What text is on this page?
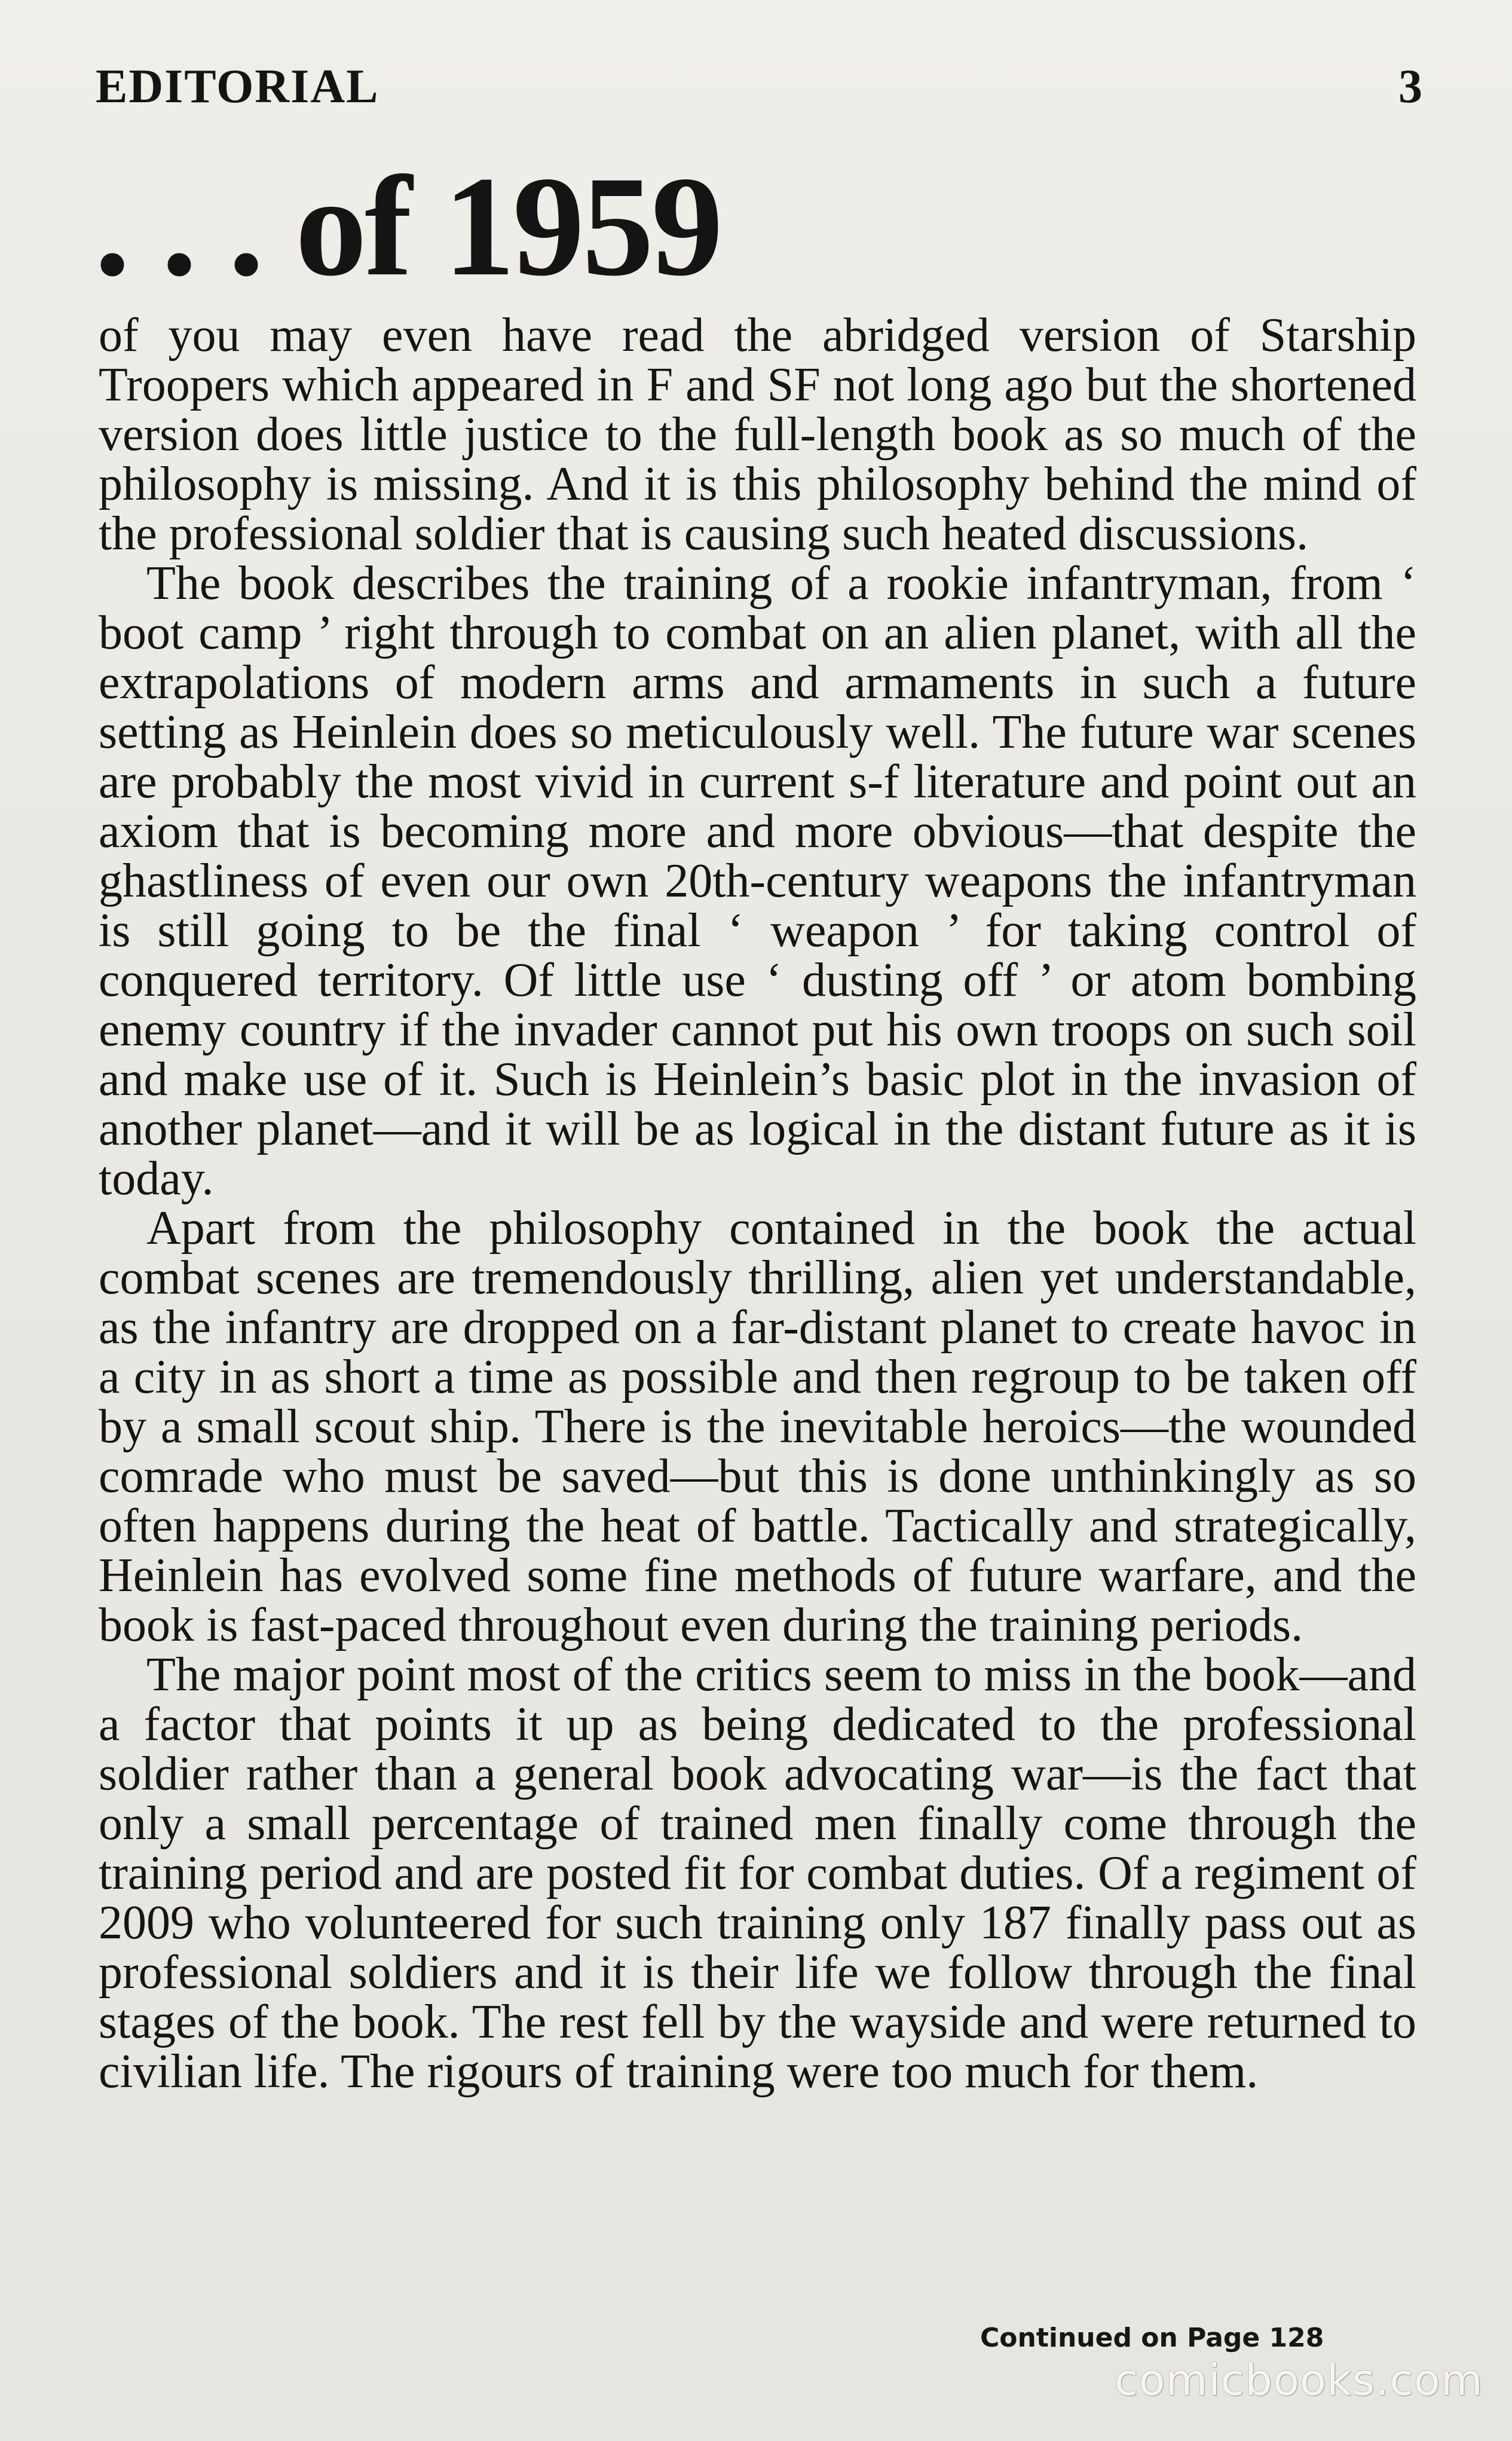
EDITORIAL	3
. . . of 1959

of you may even have read the abridged version of Starship Troopers which appeared in F and SF not long ago but the shortened version does little justice to the full-length book as so much of the philosophy is missing. And it is this philosophy behind the mind of the professional soldier that is causing such heated discussions.

The book describes the training of a rookie infantryman, from ‘ boot camp ’ right through to combat on an alien planet, with all the extrapolations of modern arms and armaments in such a future setting as Heinlein does so meticulously well. The future war scenes are probably the most vivid in current s-f literature and point out an axiom that is becoming more and more obvious—that despite the ghastliness of even our own 20th-century weapons the infantryman is still going to be the final ‘ weapon ’ for taking control of conquered territory. Of little use ‘ dusting off ’ or atom bombing enemy country if the invader cannot put his own troops on such soil and make use of it. Such is Heinlein’s basic plot in the invasion of another planet—and it will be as logical in the distant future as it is today.

Apart from the philosophy contained in the book the actual combat scenes are tremendously thrilling, alien yet understandable, as the infantry are dropped on a far-distant planet to create havoc in a city in as short a time as possible and then regroup to be taken off by a small scout ship. There is the inevitable heroics—the wounded comrade who must be saved—but this is done unthinkingly as so often happens during the heat of battle. Tactically and strategically, Heinlein has evolved some fine methods of future warfare, and the book is fast-paced throughout even during the training periods.

The major point most of the critics seem to miss in the book—and a factor that points it up as being dedicated to the professional soldier rather than a general book advocating war—is the fact that only a small percentage of trained men finally come through the training period and are posted fit for combat duties. Of a regiment of 2009 who volunteered for such training only 187 finally pass out as professional soldiers and it is their life we follow through the final stages of the book. The rest fell by the wayside and were returned to civilian life. The rigours of training were too much for them.

Continued on Page 128
comicbooks.com
